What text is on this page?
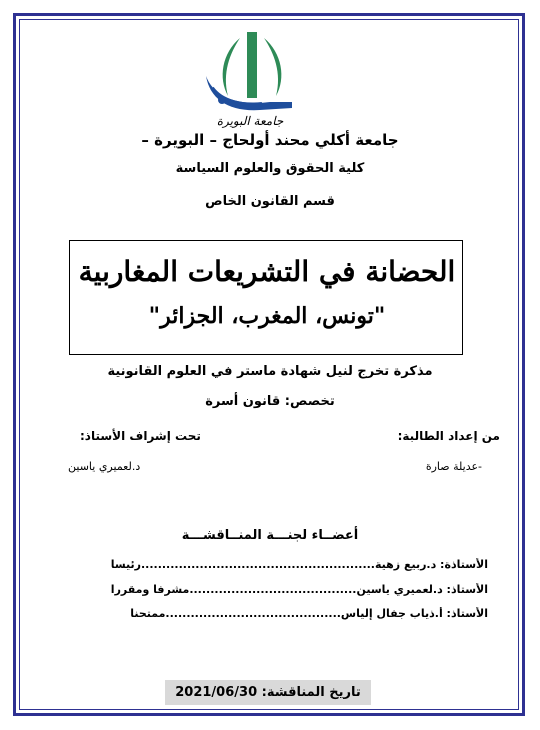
جامعة البويرة
جامعة أكلي محند أولحاج – البويرة –
كلية الحقوق والعلوم السياسة
قسم القانون الخاص
الحضانة في التشريعات المغاربية
"تونس، المغرب، الجزائر"
مذكرة تخرج لنيل شهادة ماستر في العلوم القانونية
تخصص: قانون أسرة
من إعداد الطالبة:
تحت إشراف الأستاذ:
-عديلة صارة
د.لعميري ياسين
أعضــاء لجنـــة المنــاقشـــة
الأستاذة: د.ربيع زهية........................................................رئيسا
الأستاذ: د.لعميري ياسين........................................مشرفا ومقررا
الأستاذ: أ.ذياب جفال إلياس..........................................ممتحنا
تاريخ المناقشة: 2021/06/30
